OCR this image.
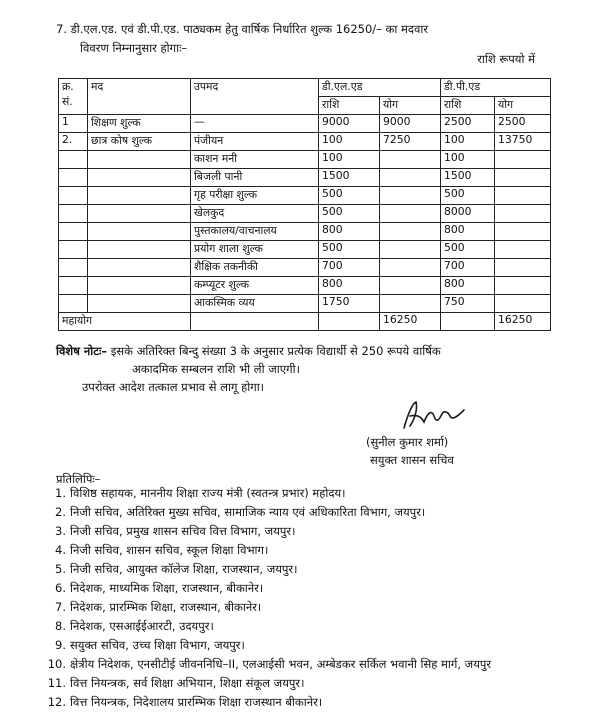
7. डी.एल.एड. एवं डी.पी.एड. पाठ्यकम हेतु वार्षिक निर्धारित शुल्क 16250/– का मदवार
विवरण निम्नानुसार होगाः–
राशि रूपयो में
क्र. सं.	मद	उपमद	डी.एल.एड		डी.पी.एड	
			राशि	योग	राशि	योग
1	शिक्षण शुल्क	—	9000	9000	2500	2500
2.	छात्र कोष शुल्क	पंजीयन	100	7250	100	13750
		काशन मनी	100		100	
		बिजली पानी	1500		1500	
		गृह परीक्षा शुल्क	500		500	
		खेलकुद	500		8000	
		पुस्तकालय/वाचनालय	800		800	
		प्रयोग शाला शुल्क	500		500	
		शैक्षिक तकनीकी	700		700	
		कम्प्यूटर शुल्क	800		800	
		आकस्मिक व्यय	1750		750	
महायोग				16250		16250
विशेष नोटः– इसके अतिरिक्त बिन्दु संख्या 3 के अनुसार प्रत्येक विद्यार्थी से 250 रूपये वार्षिक
अकादमिक सम्बलन राशि भी ली जाएगी।
उपरोक्त आदेश तत्काल प्रभाव से लागू होगा।
(सुनील कुमार शर्मा)
सयुक्त शासन सचिव
प्रतिलिपिः–
1. विशिष्ठ सहायक, माननीय शिक्षा राज्य मंत्री (स्वतन्त्र प्रभार) महोदय।
2. निजी सचिव, अतिरिक्त मुख्य सचिव, सामाजिक न्याय एवं अधिकारिता विभाग, जयपुर।
3. निजी सचिव, प्रमुख शासन सचिव वित्त विभाग, जयपुर।
4. निजी सचिव, शासन सचिव, स्कूल शिक्षा विभाग।
5. निजी सचिव, आयुक्त कॉलेज शिक्षा, राजस्थान, जयपुर।
6. निदेशक, माध्यमिक शिक्षा, राजस्थान, बीकानेर।
7. निदेशक, प्रारम्भिक शिक्षा, राजस्थान, बीकानेर।
8. निदेशक, एसआईईआरटी, उदयपुर।
9. सयुक्त सचिव, उच्च शिक्षा विभाग, जयपुर।
10. क्षेत्रीय निदेशक, एनसीटीई जीवननिधि–II, एलआईसी भवन, अम्बेडकर सर्किल भवानी सिह मार्ग, जयपुर
11. वित्त नियन्त्रक, सर्व शिक्षा अभियान, शिक्षा संकूल जयपुर।
12. वित्त नियन्त्रक, निदेशालय प्रारम्भिक शिक्षा राजस्थान बीकानेर।
